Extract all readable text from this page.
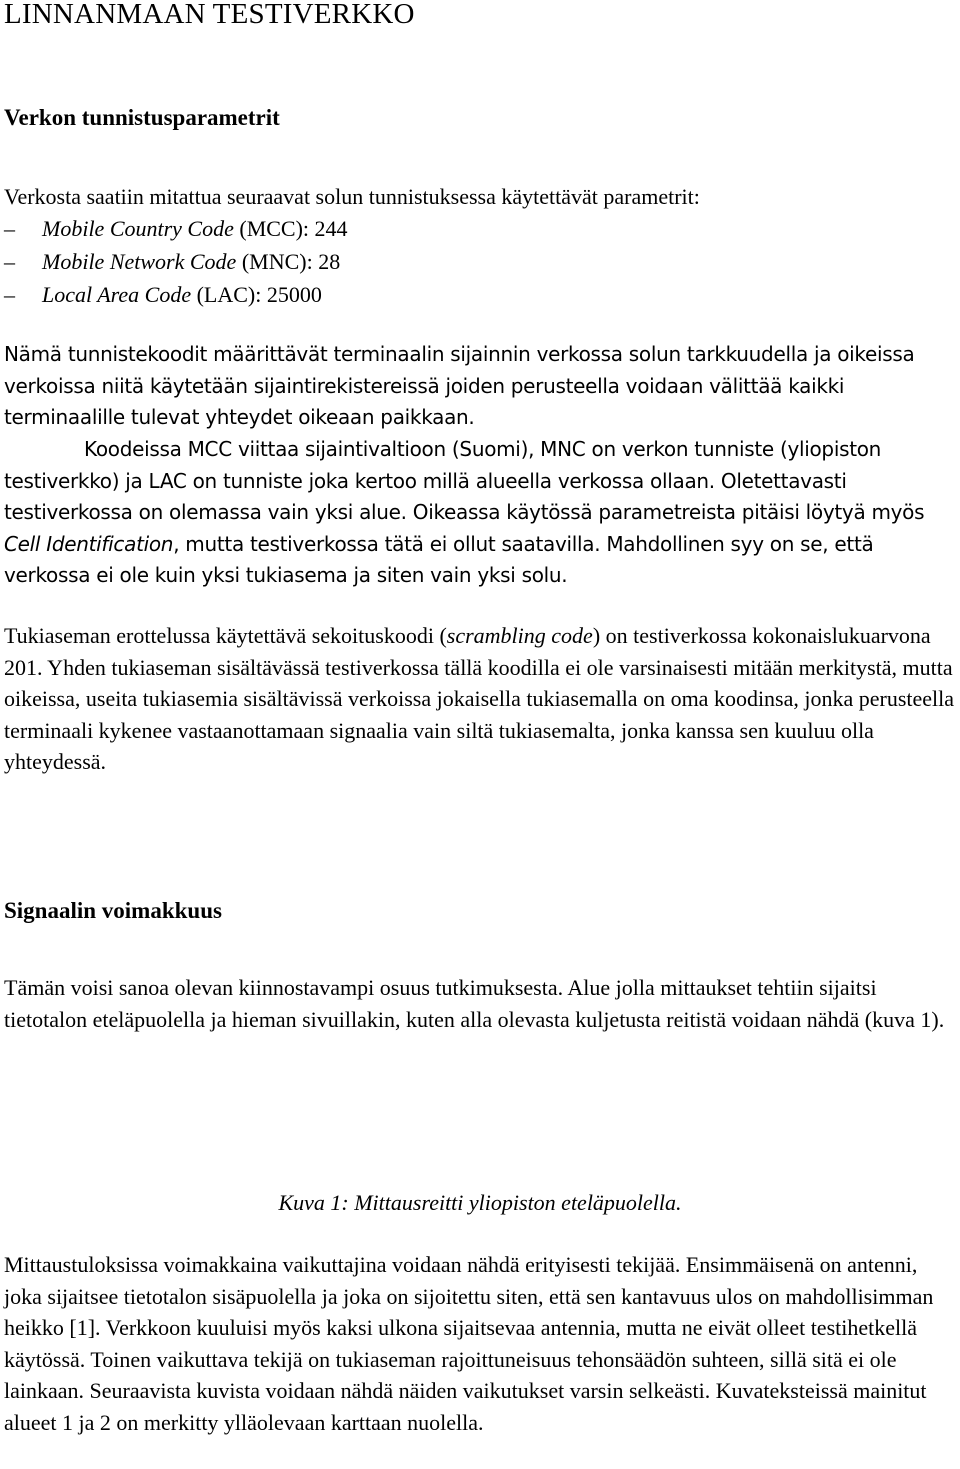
LINNANMAAN TESTIVERKKO
Verkon tunnistusparametrit

Verkosta saatiin mitattua seuraavat solun tunnistuksessa käytettävät parametrit:

–	Mobile Country Code (MCC): 244
–	Mobile Network Code (MNC): 28
–	Local Area Code (LAC): 25000

Nämä tunnistekoodit määrittävät terminaalin sijainnin verkossa solun tarkkuudella ja oikeissa verkoissa niitä käytetään sijaintirekistereissä joiden perusteella voidaan välittää kaikki terminaalille tulevat yhteydet oikeaan paikkaan.

Koodeissa MCC viittaa sijaintivaltioon (Suomi), MNC on verkon tunniste (yliopiston testiverkko) ja LAC on tunniste joka kertoo millä alueella verkossa ollaan. Oletettavasti testiverkossa on olemassa vain yksi alue. Oikeassa käytössä parametreista pitäisi löytyä myös Cell Identification, mutta testiverkossa tätä ei ollut saatavilla. Mahdollinen syy on se, että verkossa ei ole kuin yksi tukiasema ja siten vain yksi solu.

Tukiaseman erottelussa käytettävä sekoituskoodi (scrambling code) on testiverkossa kokonaislukuarvona 201. Yhden tukiaseman sisältävässä testiverkossa tällä koodilla ei ole varsinaisesti mitään merkitystä, mutta oikeissa, useita tukiasemia sisältävissä verkoissa jokaisella tukiasemalla on oma koodinsa, jonka perusteella terminaali kykenee vastaanottamaan signaalia vain siltä tukiasemalta, jonka kanssa sen kuuluu olla yhteydessä.

Signaalin voimakkuus

Tämän voisi sanoa olevan kiinnostavampi osuus tutkimuksesta. Alue jolla mittaukset tehtiin sijaitsi tietotalon eteläpuolella ja hieman sivuillakin, kuten alla olevasta kuljetusta reitistä voidaan nähdä (kuva 1).

Kuva 1: Mittausreitti yliopiston eteläpuolella.

Mittaustuloksissa voimakkaina vaikuttajina voidaan nähdä erityisesti tekijää. Ensimmäisenä on antenni, joka sijaitsee tietotalon sisäpuolella ja joka on sijoitettu siten, että sen kantavuus ulos on mahdollisimman heikko [1]. Verkkoon kuuluisi myös kaksi ulkona sijaitsevaa antennia, mutta ne eivät olleet testihetkellä käytössä. Toinen vaikuttava tekijä on tukiaseman rajoittuneisuus tehonsäädön suhteen, sillä sitä ei ole lainkaan. Seuraavista kuvista voidaan nähdä näiden vaikutukset varsin selkeästi. Kuvateksteissä mainitut alueet 1 ja 2 on merkitty ylläolevaan karttaan nuolella.
